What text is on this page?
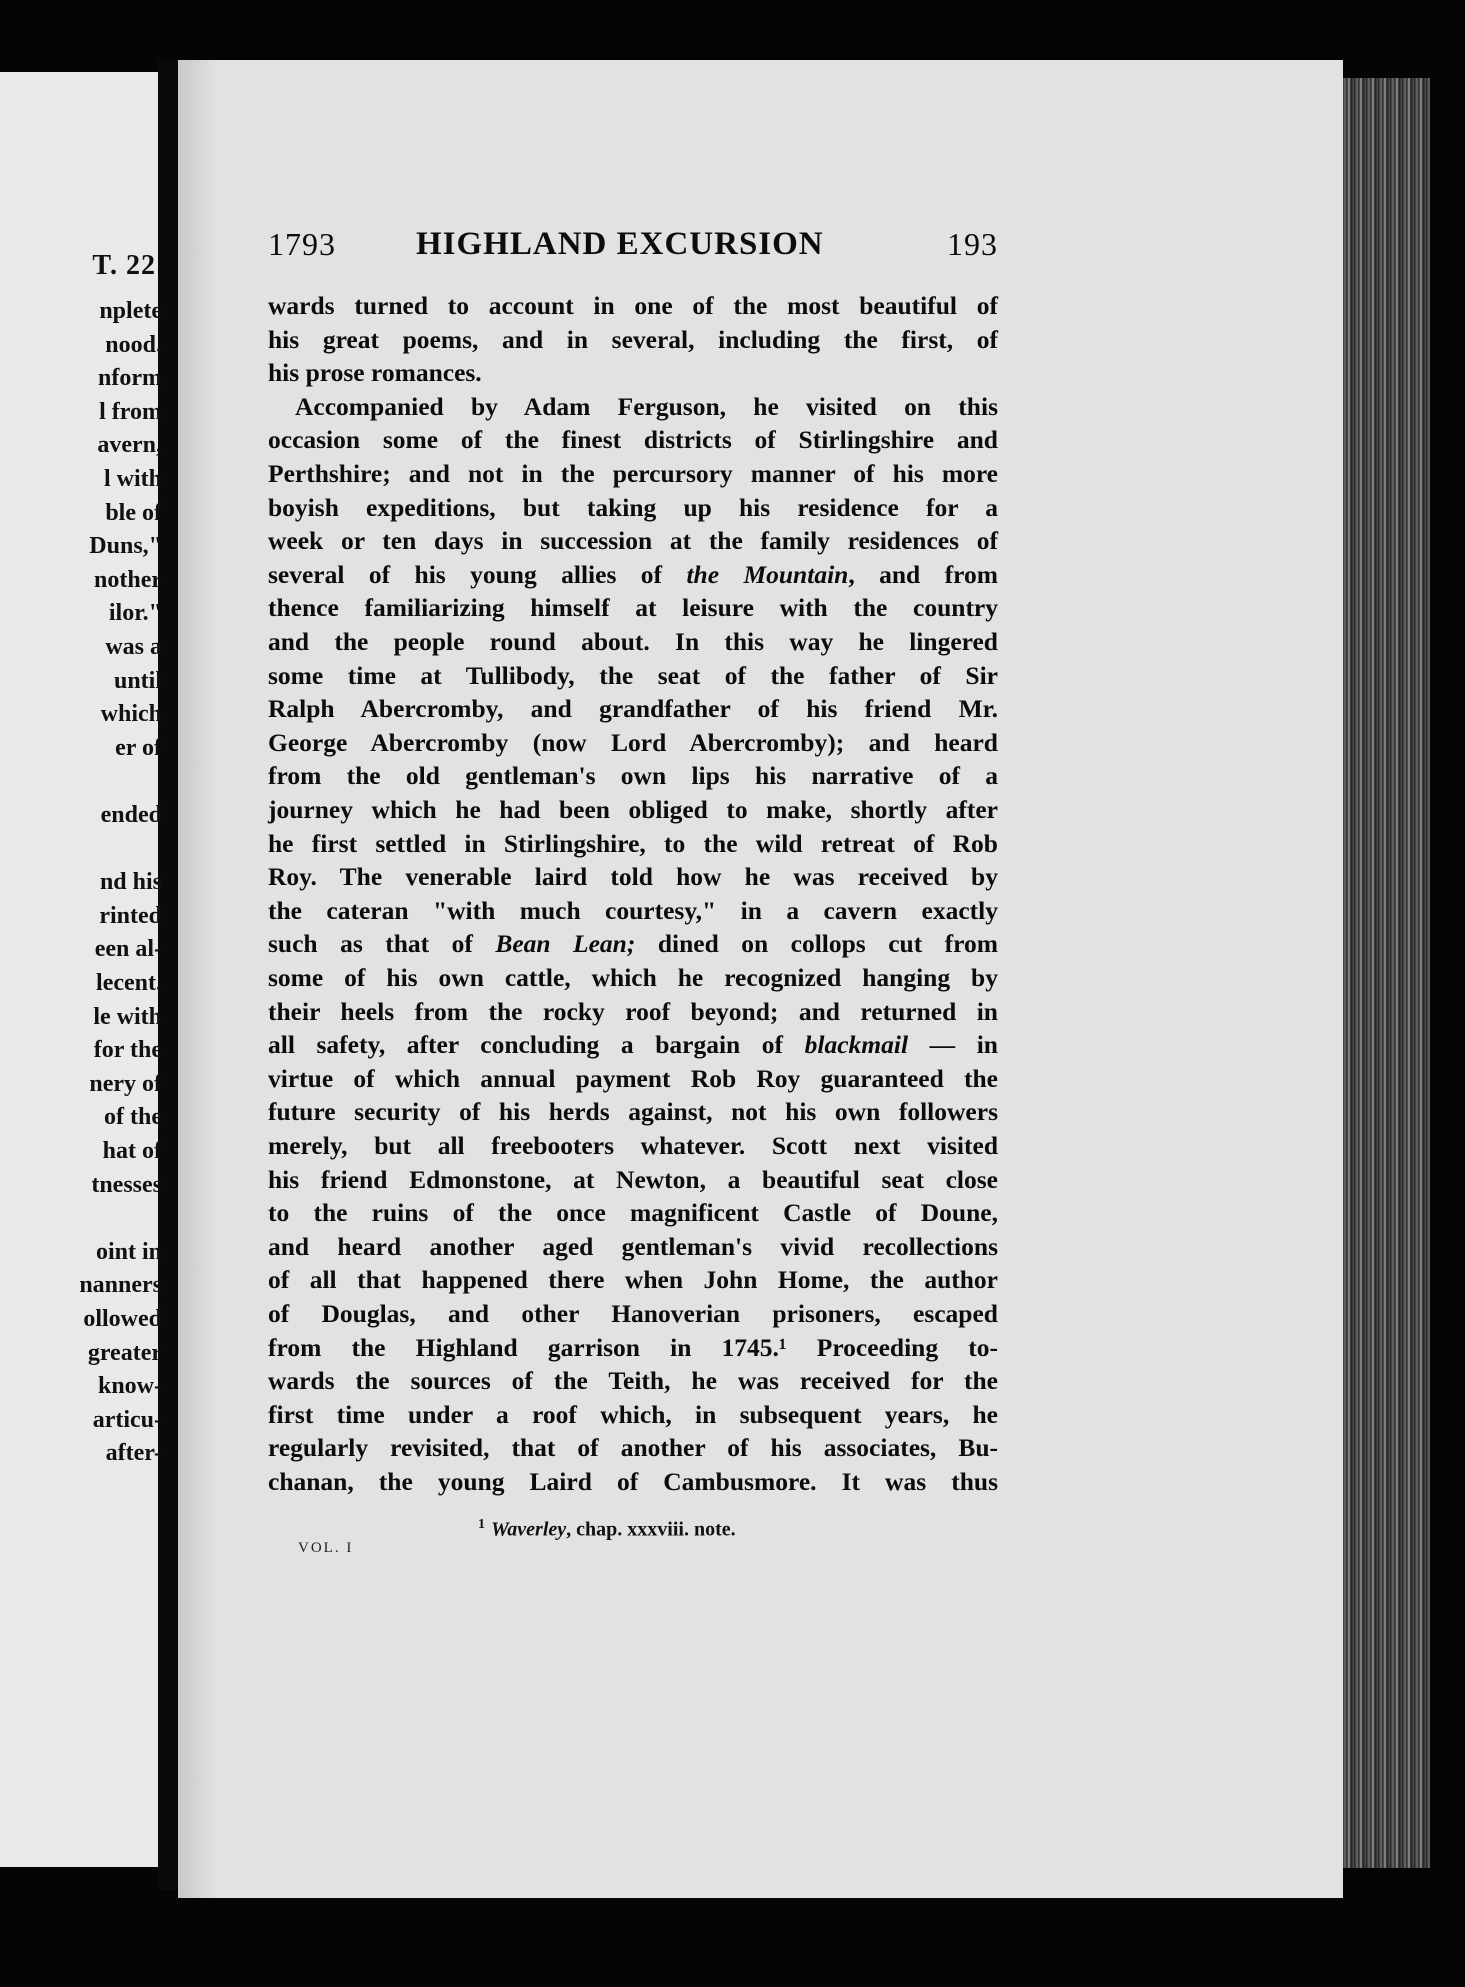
T. 22
nplete
nood.
nform
l from
avern,
l with
ble of
Duns,"
nother
ilor."
was a
until
which
er of
ended
nd his
rinted
een al-
lecent.
le with
for the
nery of
of the
hat of
tnesses
oint in
nanners
ollowed
greater
know-
articu-
after-
1793 HIGHLAND EXCURSION	193
wards turned to account in one of the most beautiful of
his great poems, and in several, including the first, of
his prose romances.
Accompanied by Adam Ferguson, he visited on this
occasion some of the finest districts of Stirlingshire and
Perthshire; and not in the percursory manner of his more
boyish expeditions, but taking up his residence for a
week or ten days in succession at the family residences of
several of his young allies of the Mountain, and from
thence familiarizing himself at leisure with the country
and the people round about. In this way he lingered
some time at Tullibody, the seat of the father of Sir
Ralph Abercromby, and grandfather of his friend Mr.
George Abercromby (now Lord Abercromby); and heard
from the old gentleman's own lips his narrative of a
journey which he had been obliged to make, shortly after
he first settled in Stirlingshire, to the wild retreat of Rob
Roy. The venerable laird told how he was received by
the cateran "with much courtesy," in a cavern exactly
such as that of Bean Lean; dined on collops cut from
some of his own cattle, which he recognized hanging by
their heels from the rocky roof beyond; and returned in
all safety, after concluding a bargain of blackmail — in
virtue of which annual payment Rob Roy guaranteed the
future security of his herds against, not his own followers
merely, but all freebooters whatever. Scott next visited
his friend Edmonstone, at Newton, a beautiful seat close
to the ruins of the once magnificent Castle of Doune,
and heard another aged gentleman's vivid recollections
of all that happened there when John Home, the author
of Douglas, and other Hanoverian prisoners, escaped
from the Highland garrison in 1745.¹ Proceeding to-
wards the sources of the Teith, he was received for the
first time under a roof which, in subsequent years, he
regularly revisited, that of another of his associates, Bu-
chanan, the young Laird of Cambusmore. It was thus
$^1$ Waverley, chap. xxxviii. note.
VOL. I
